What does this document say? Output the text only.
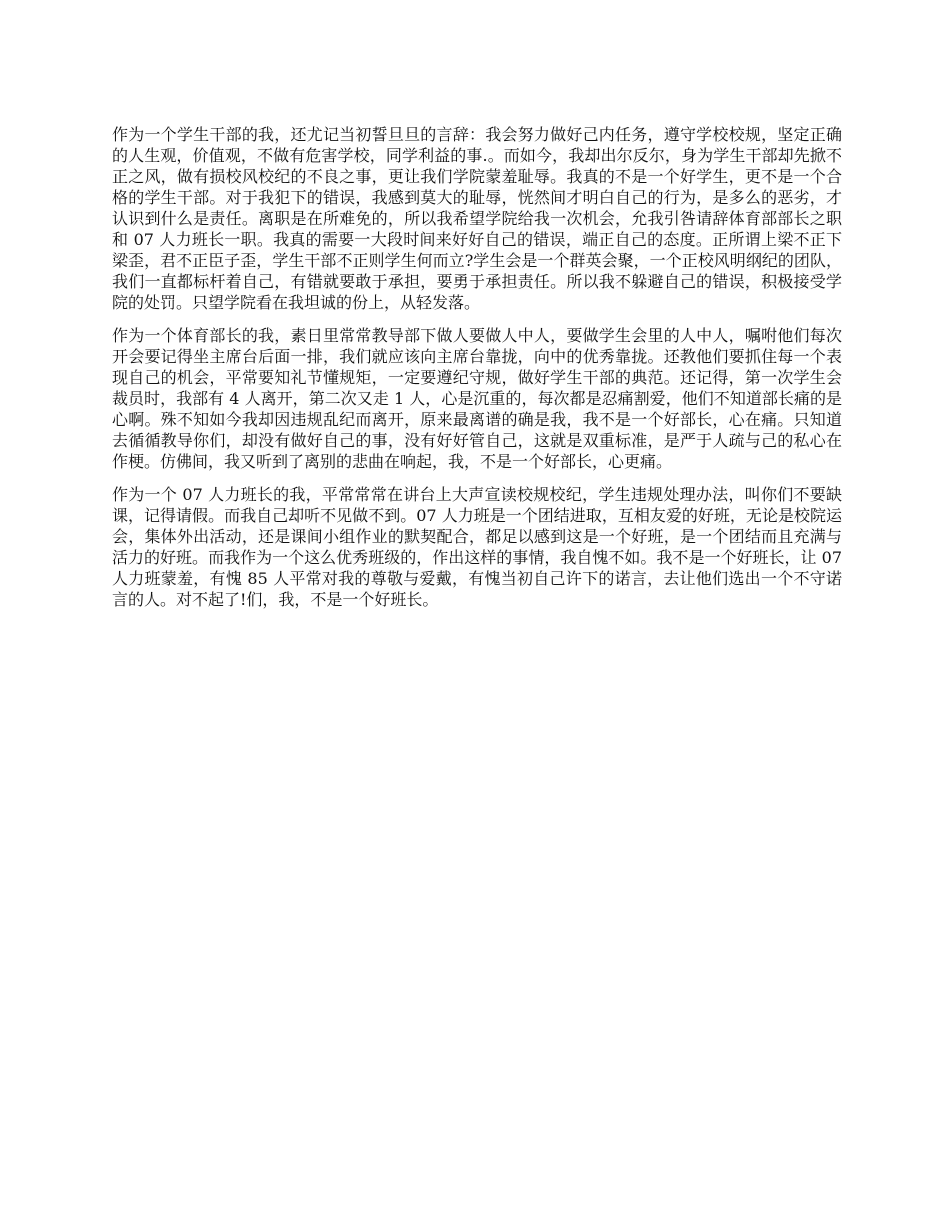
作为一个学生干部的我，还尤记当初誓旦旦的言辞：我会努力做好己内任务，遵守学校校规，坚定正确的人生观，价值观，不做有危害学校，同学利益的事.。而如今，我却出尔反尔，身为学生干部却先掀不正之风，做有损校风校纪的不良之事，更让我们学院蒙羞耻辱。我真的不是一个好学生，更不是一个合格的学生干部。对于我犯下的错误，我感到莫大的耻辱，恍然间才明白自己的行为，是多么的恶劣，才认识到什么是责任。离职是在所难免的，所以我希望学院给我一次机会，允我引咎请辞体育部部长之职和 07 人力班长一职。我真的需要一大段时间来好好自己的错误，端正自己的态度。正所谓上梁不正下梁歪，君不正臣子歪，学生干部不正则学生何而立?学生会是一个群英会聚，一个正校风明纲纪的团队，我们一直都标杆着自己，有错就要敢于承担，要勇于承担责任。所以我不躲避自己的错误，积极接受学院的处罚。只望学院看在我坦诚的份上，从轻发落。

作为一个体育部长的我，素日里常常教导部下做人要做人中人，要做学生会里的人中人，嘱咐他们每次开会要记得坐主席台后面一排，我们就应该向主席台靠拢，向中的优秀靠拢。还教他们要抓住每一个表现自己的机会，平常要知礼节懂规矩，一定要遵纪守规，做好学生干部的典范。还记得，第一次学生会裁员时，我部有 4 人离开，第二次又走 1 人，心是沉重的，每次都是忍痛割爱，他们不知道部长痛的是心啊。殊不知如今我却因违规乱纪而离开，原来最离谱的确是我，我不是一个好部长，心在痛。只知道去循循教导你们，却没有做好自己的事，没有好好管自己，这就是双重标准，是严于人疏与己的私心在作梗。仿佛间，我又听到了离别的悲曲在响起，我，不是一个好部长，心更痛。

作为一个 07 人力班长的我，平常常常在讲台上大声宣读校规校纪，学生违规处理办法，叫你们不要缺课，记得请假。而我自己却听不见做不到。07 人力班是一个团结进取，互相友爱的好班，无论是校院运会，集体外出活动，还是课间小组作业的默契配合，都足以感到这是一个好班，是一个团结而且充满与活力的好班。而我作为一个这么优秀班级的，作出这样的事情，我自愧不如。我不是一个好班长，让 07 人力班蒙羞，有愧 85 人平常对我的尊敬与爱戴，有愧当初自己许下的诺言，去让他们选出一个不守诺言的人。对不起了!们，我，不是一个好班长。
